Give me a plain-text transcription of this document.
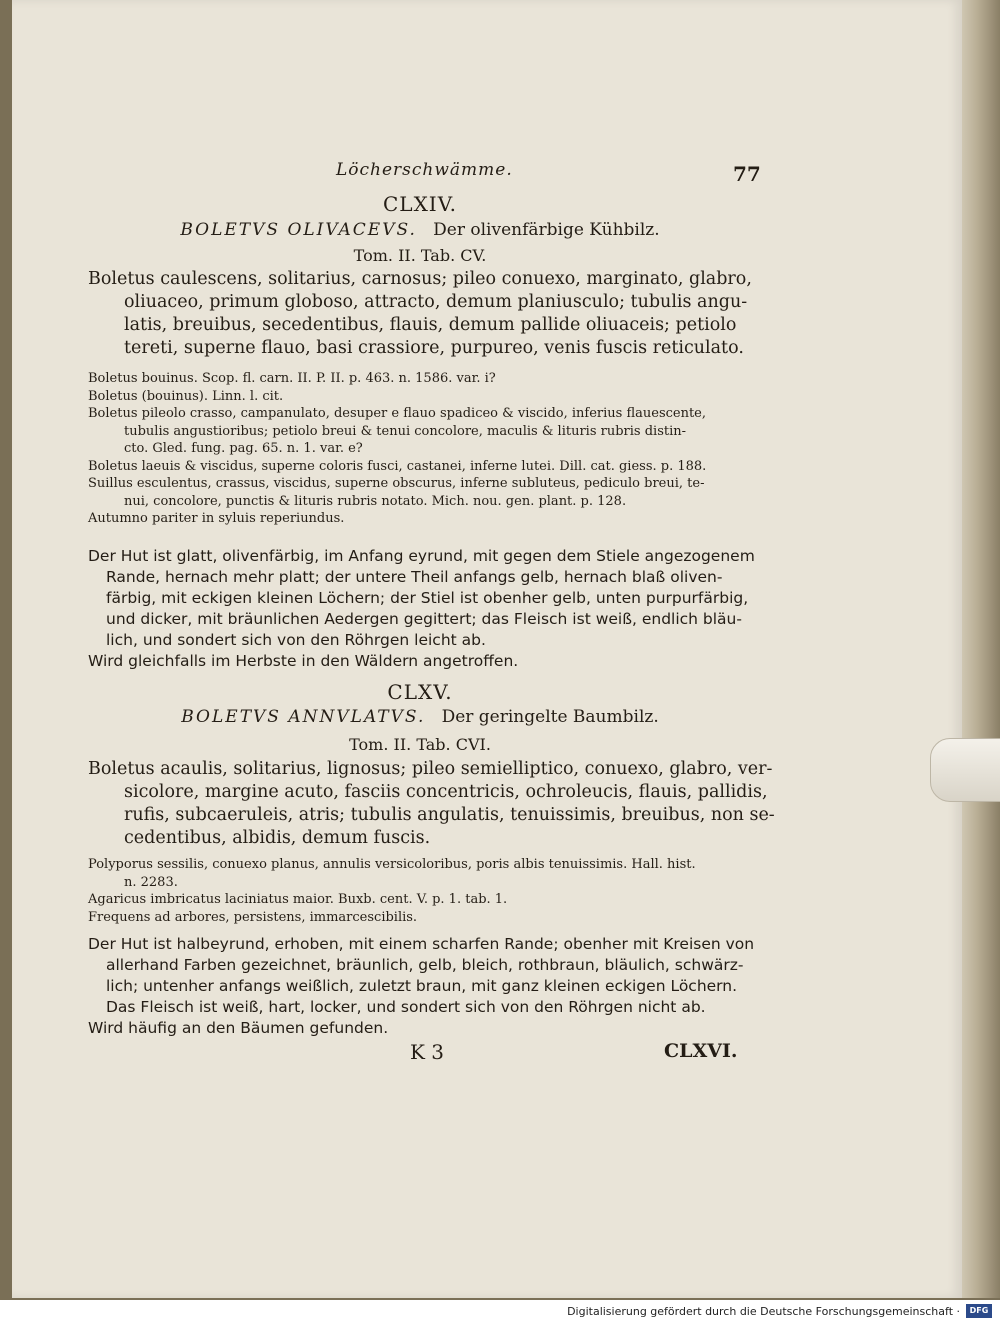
Löcherschwämme.	77
CLXIV.
BOLETVS OLIVACEVS. Der olivenfärbige Kühbilz.
Tom. II. Tab. CV.
Boletus caulescens, solitarius, carnosus; pileo conuexo, marginato, glabro,
oliuaceo, primum globoso, attracto, demum planiusculo; tubulis angu-
latis, breuibus, secedentibus, flauis, demum pallide oliuaceis; petiolo
tereti, superne flauo, basi crassiore, purpureo, venis fuscis reticulato.
Boletus bouinus. Scop. fl. carn. II. P. II. p. 463. n. 1586. var. i?
Boletus (bouinus). Linn. l. cit.
Boletus pileolo crasso, campanulato, desuper e flauo spadiceo & viscido, inferius flauescente,
tubulis angustioribus; petiolo breui & tenui concolore, maculis & lituris rubris distin-
cto. Gled. fung. pag. 65. n. 1. var. e?
Boletus laeuis & viscidus, superne coloris fusci, castanei, inferne lutei. Dill. cat. giess. p. 188.
Suillus esculentus, crassus, viscidus, superne obscurus, inferne subluteus, pediculo breui, te-
nui, concolore, punctis & lituris rubris notato. Mich. nou. gen. plant. p. 128.
Autumno pariter in syluis reperiundus.
Der Hut ist glatt, olivenfärbig, im Anfang eyrund, mit gegen dem Stiele angezogenem
Rande, hernach mehr platt; der untere Theil anfangs gelb, hernach blaß oliven-
färbig, mit eckigen kleinen Löchern; der Stiel ist obenher gelb, unten purpurfärbig,
und dicker, mit bräunlichen Aedergen gegittert; das Fleisch ist weiß, endlich bläu-
lich, und sondert sich von den Röhrgen leicht ab.
Wird gleichfalls im Herbste in den Wäldern angetroffen.
CLXV.
BOLETVS ANNVLATVS. Der geringelte Baumbilz.
Tom. II. Tab. CVI.
Boletus acaulis, solitarius, lignosus; pileo semielliptico, conuexo, glabro, ver-
sicolore, margine acuto, fasciis concentricis, ochroleucis, flauis, pallidis,
rufis, subcaeruleis, atris; tubulis angulatis, tenuissimis, breuibus, non se-
cedentibus, albidis, demum fuscis.
Polyporus sessilis, conuexo planus, annulis versicoloribus, poris albis tenuissimis. Hall. hist.
n. 2283.
Agaricus imbricatus laciniatus maior. Buxb. cent. V. p. 1. tab. 1.
Frequens ad arbores, persistens, immarcescibilis.
Der Hut ist halbeyrund, erhoben, mit einem scharfen Rande; obenher mit Kreisen von
allerhand Farben gezeichnet, bräunlich, gelb, bleich, rothbraun, bläulich, schwärz-
lich; untenher anfangs weißlich, zuletzt braun, mit ganz kleinen eckigen Löchern.
Das Fleisch ist weiß, hart, locker, und sondert sich von den Röhrgen nicht ab.
Wird häufig an den Bäumen gefunden.
K 3	CLXVI.
Digitalisierung gefördert durch die Deutsche Forschungsgemeinschaft ·	DFG
